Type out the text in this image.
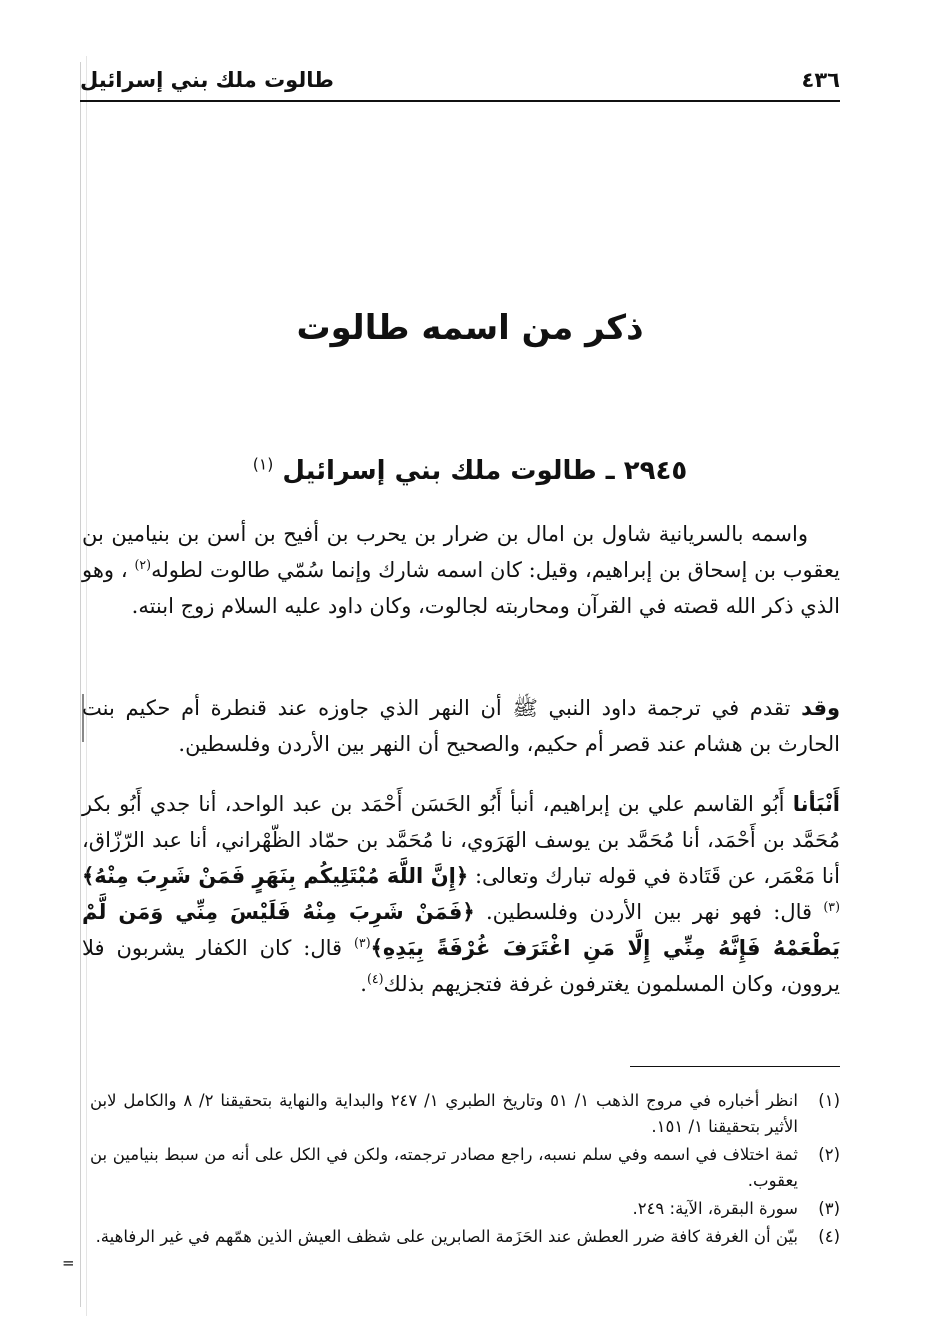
٤٣٦
طالوت ملك بني إسرائيل
ذكر من اسمه طالوت
٢٩٤٥ ـ طالوت ملك بني إسرائيل $^{(١)}$

واسمه بالسريانية شاول بن امال بن ضرار بن يحرب بن أفيح بن أسن بن بنيامين بن يعقوب بن إسحاق بن إبراهيم، وقيل: كان اسمه شارك وإنما سُمّي طالوت لطوله$^{(٢)}$ ، وهو الذي ذكر الله قصته في القرآن ومحاربته لجالوت، وكان داود عليه السلام زوج ابنته.

وقد تقدم في ترجمة داود النبي ﷺ أن النهر الذي جاوزه عند قنطرة أم حكيم بنت الحارث بن هشام عند قصر أم حكيم، والصحيح أن النهر بين الأردن وفلسطين.

أَنْبَأنا أَبُو القاسم علي بن إبراهيم، أنبأ أَبُو الحَسَن أَحْمَد بن عبد الواحد، أنا جدي أَبُو بكر مُحَمَّد بن أَحْمَد، أنا مُحَمَّد بن يوسف الهَرَوي، نا مُحَمَّد بن حمّاد الظّهْراني، أنا عبد الرّزّاق، أنا مَعْمَر، عن قَتَادة في قوله تبارك وتعالى: ﴿إِنَّ اللَّهَ مُبْتَلِيكُم بِنَهَرٍ فَمَنْ شَرِبَ مِنْهُ﴾$^{(٣)}$ قال: فهو نهر بين الأردن وفلسطين. ﴿فَمَنْ شَرِبَ مِنْهُ فَلَيْسَ مِنِّي وَمَن لَّمْ يَطْعَمْهُ فَإِنَّهُ مِنِّي إِلَّا مَنِ اغْتَرَفَ غُرْفَةً بِيَدِهِ﴾$^{(٣)}$ قال: كان الكفار يشربون فلا يروون، وكان المسلمون يغترفون غرفة فتجزيهم بذلك$^{(٤)}$.

(١)
انظر أخباره في مروج الذهب ١/ ٥١ وتاريخ الطبري ١/ ٢٤٧ والبداية والنهاية بتحقيقنا ٢/ ٨ والكامل لابن الأثير بتحقيقنا ١/ ١٥١.
(٢)
ثمة اختلاف في اسمه وفي سلم نسبه، راجع مصادر ترجمته، ولكن في الكل على أنه من سبط بنيامين بن يعقوب.
(٣)
سورة البقرة، الآية: ٢٤٩.
(٤)
بيّن أن الغرفة كافة ضرر العطش عند الحَزَمة الصابرين على شظف العيش الذين همّهم في غير الرفاهية.
=
